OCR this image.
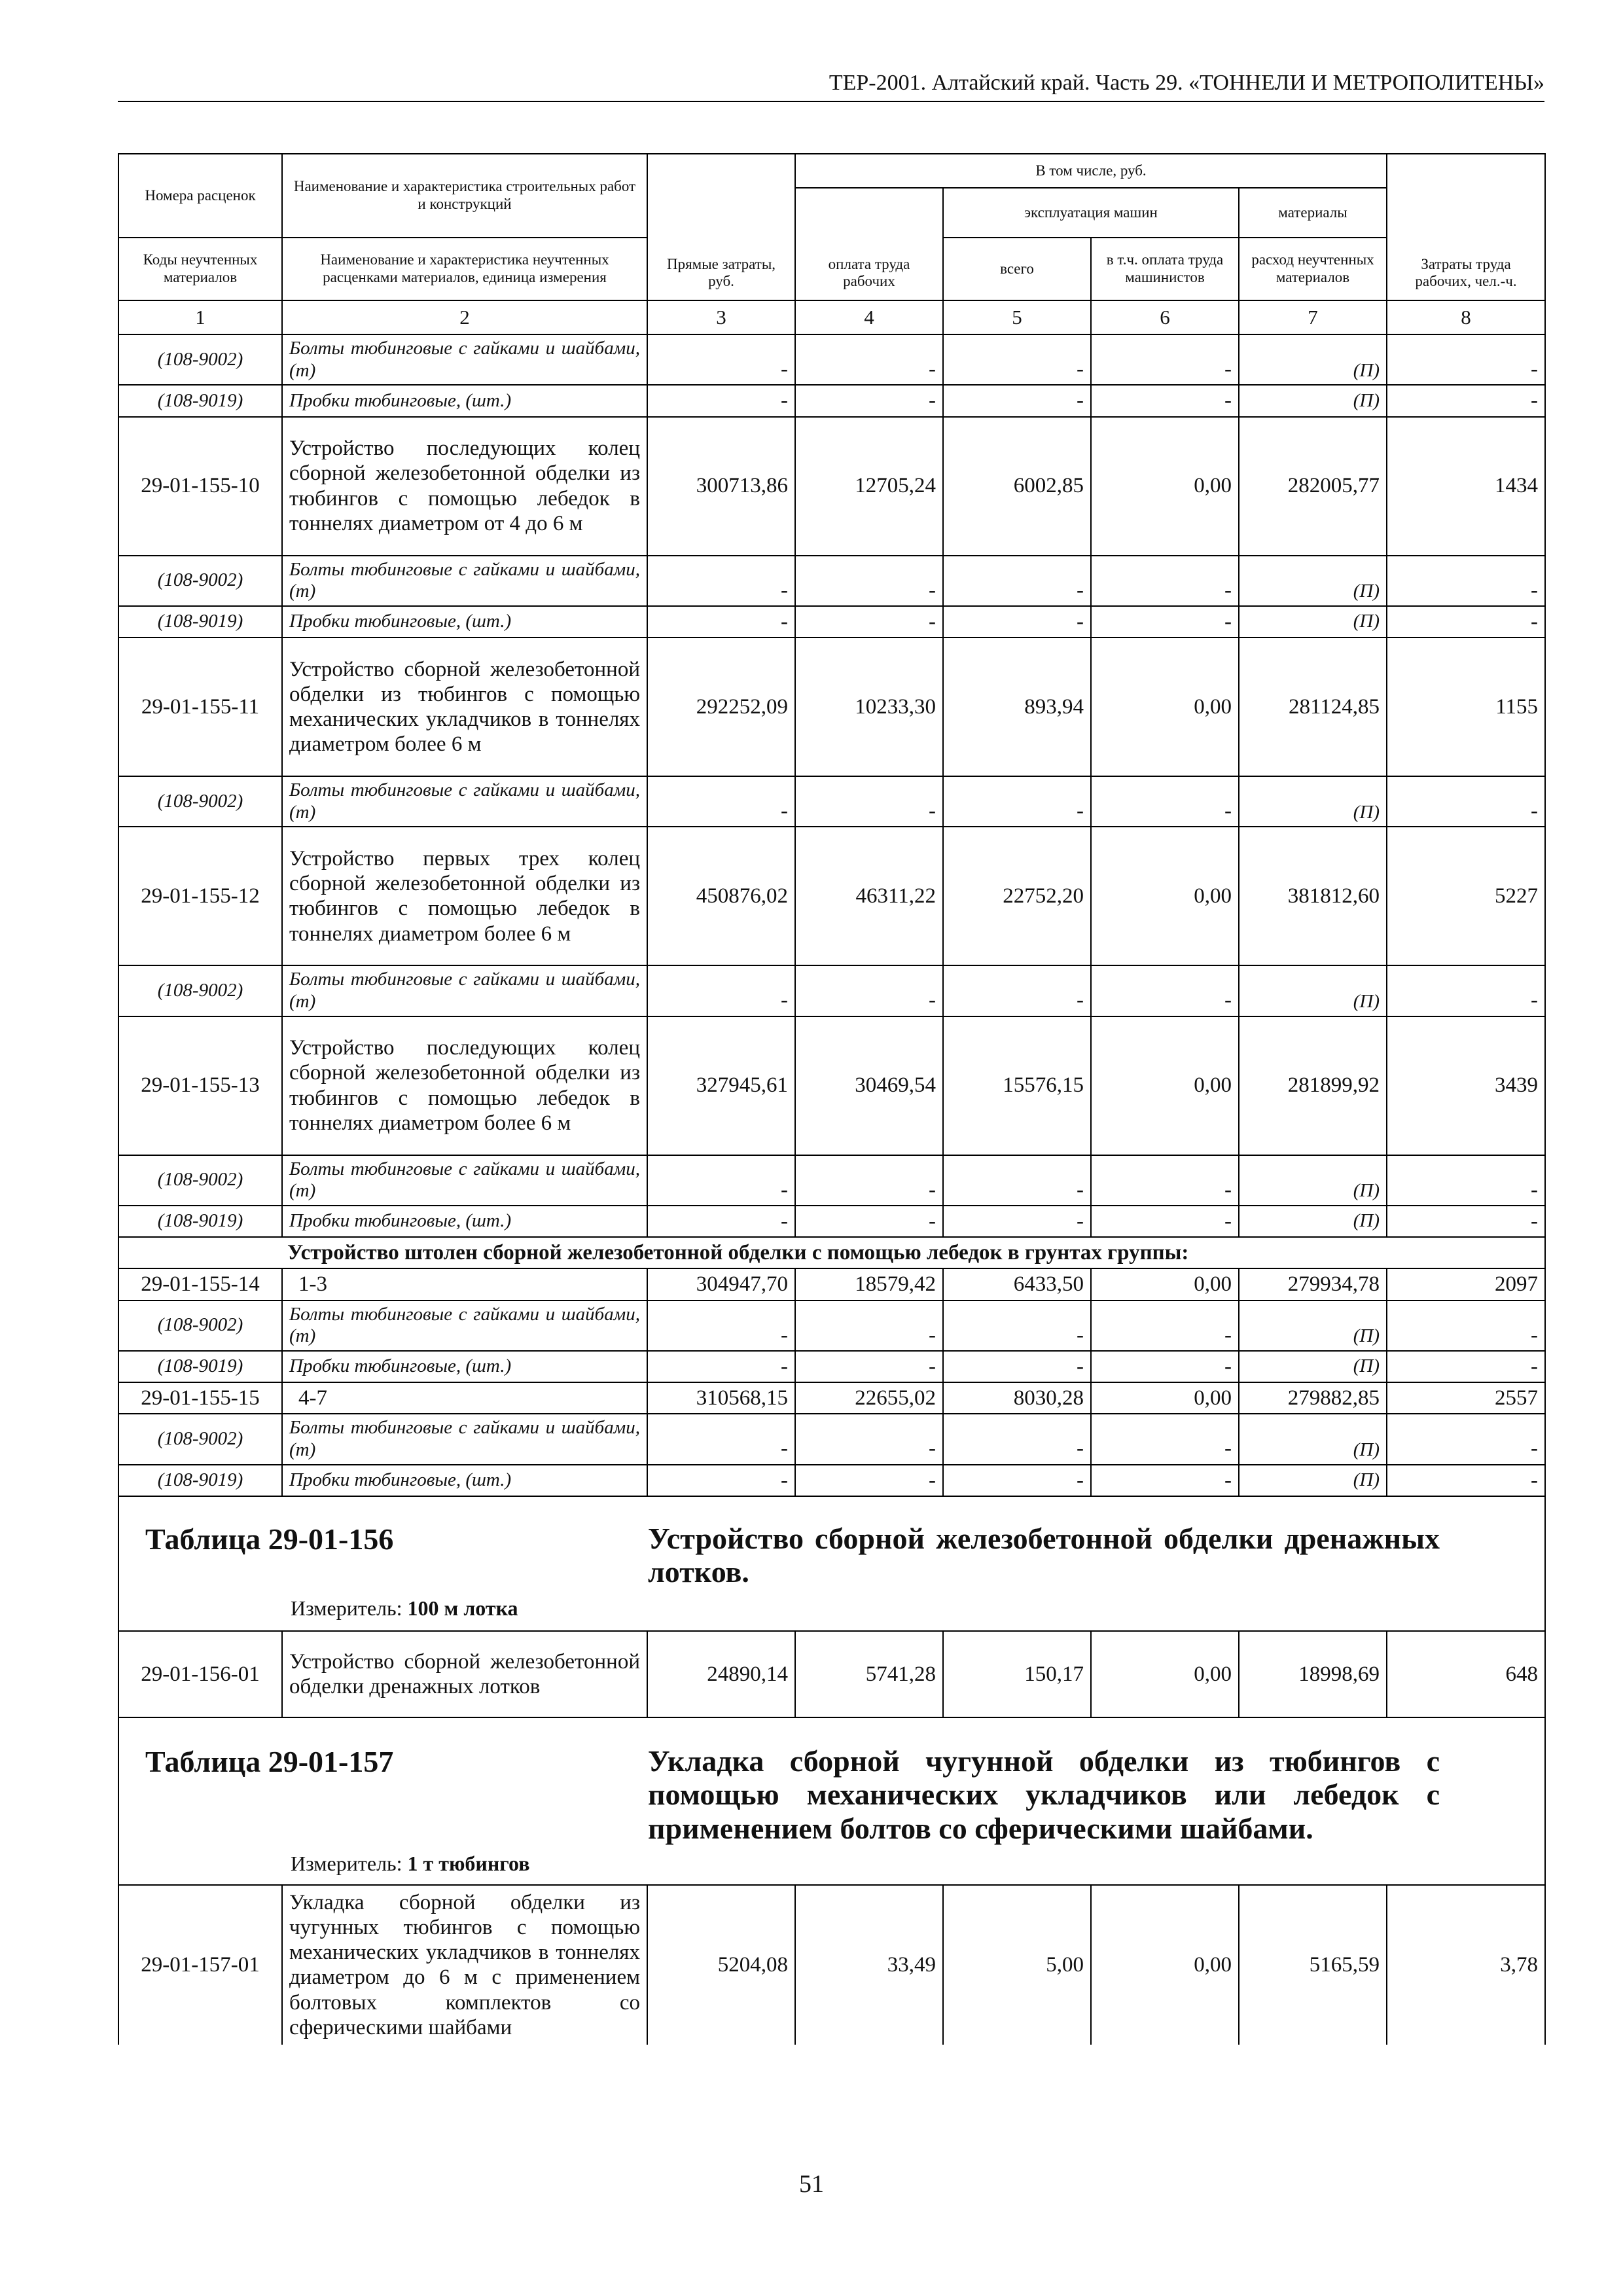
ТЕР-2001. Алтайский край. Часть 29. «ТОННЕЛИ И МЕТРОПОЛИТЕНЫ»
Номера расценок	Наименование и характеристика строительных работ и конструкций	Прямые затраты, руб.	В том числе, руб.				Затраты труда рабочих, чел.-ч.
			оплата труда рабочих	эксплуатация машин		материалы	
Коды неучтенных материалов	Наименование и характеристика неучтенных расценками материалов, единица измерения			всего	в т.ч. оплата труда машинистов	расход неучтенных материалов	
1	2	3	4	5	6	7	8
(108-9002)	Болты тюбинговые с гайками и шайбами, (т)	-	-	-	-	(П)	-
(108-9019)	Пробки тюбинговые, (шт.)	-	-	-	-	(П)	-
29-01-155-10	Устройство последующих колец сборной железобетонной обделки из тюбингов с помощью лебедок в тоннелях диаметром от 4 до 6 м	300713,86	12705,24	6002,85	0,00	282005,77	1434
(108-9002)	Болты тюбинговые с гайками и шайбами, (т)	-	-	-	-	(П)	-
(108-9019)	Пробки тюбинговые, (шт.)	-	-	-	-	(П)	-
29-01-155-11	Устройство сборной железобетонной обделки из тюбингов с помощью механических укладчиков в тоннелях диаметром более 6 м	292252,09	10233,30	893,94	0,00	281124,85	1155
(108-9002)	Болты тюбинговые с гайками и шайбами, (т)	-	-	-	-	(П)	-
29-01-155-12	Устройство первых трех колец сборной железобетонной обделки из тюбингов с помощью лебедок в тоннелях диаметром более 6 м	450876,02	46311,22	22752,20	0,00	381812,60	5227
(108-9002)	Болты тюбинговые с гайками и шайбами, (т)	-	-	-	-	(П)	-
29-01-155-13	Устройство последующих колец сборной железобетонной обделки из тюбингов с помощью лебедок в тоннелях диаметром более 6 м	327945,61	30469,54	15576,15	0,00	281899,92	3439
(108-9002)	Болты тюбинговые с гайками и шайбами, (т)	-	-	-	-	(П)	-
(108-9019)	Пробки тюбинговые, (шт.)	-	-	-	-	(П)	-
	Устройство штолен сборной железобетонной обделки с помощью лебедок в грунтах группы:						
29-01-155-14	1-3	304947,70	18579,42	6433,50	0,00	279934,78	2097
(108-9002)	Болты тюбинговые с гайками и шайбами, (т)	-	-	-	-	(П)	-
(108-9019)	Пробки тюбинговые, (шт.)	-	-	-	-	(П)	-
29-01-155-15	4-7	310568,15	22655,02	8030,28	0,00	279882,85	2557
(108-9002)	Болты тюбинговые с гайками и шайбами, (т)	-	-	-	-	(П)	-
(108-9019)	Пробки тюбинговые, (шт.)	-	-	-	-	(П)	-

Таблица 29-01-156 Устройство сборной железобетонной обделки дренажных лотков.
Измеритель: 100 м лотка							

29-01-156-01	Устройство сборной железобетонной обделки дренажных лотков	24890,14	5741,28	150,17	0,00	18998,69	648

Таблица 29-01-157 Укладка сборной чугунной обделки из тюбингов с помощью механических укладчиков или лебедок с применением болтов со сферическими шайбами.
Измеритель: 1 т тюбингов							

29-01-157-01	Укладка сборной обделки из чугунных тюбингов с помощью механических укладчиков в тоннелях диаметром до 6 м с применением болтовых комплектов со сферическими шайбами	5204,08	33,49	5,00	0,00	5165,59	3,78
51
